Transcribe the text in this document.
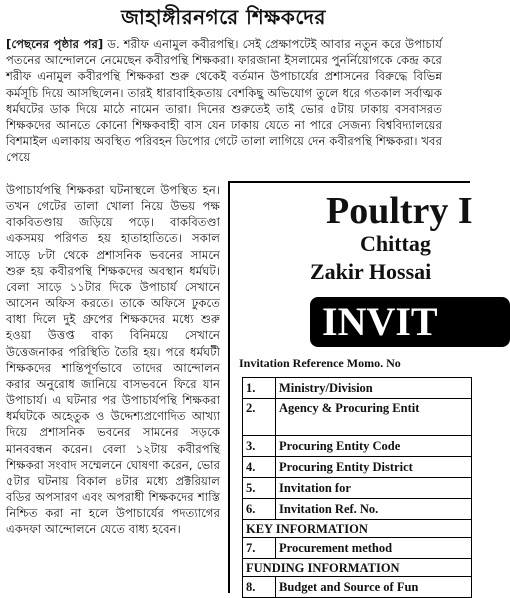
জাহাঙ্গীরনগরে শিক্ষকদের

[পেছনের পৃষ্ঠার পর] ড. শরীফ এনামুল কবীরপন্থি। সেই প্রেক্ষাপটেই আবার নতুন করে উপাচার্য পতনের আন্দোলনে নেমেছেন কবীরপন্থি শিক্ষকরা। ফারজানা ইসলামের পুনর্নিয়োগকে কেন্দ্র করে শরীফ এনামুল কবীরপন্থি শিক্ষকরা শুরু থেকেই বর্তমান উপাচার্যের প্রশাসনের বিরুদ্ধে বিভিন্ন কর্মসূচি দিয়ে আসছিলেন। তারই ধারাবাহিকতায় বেশকিছু অভিযোগ তুলে ধরে গতকাল সর্বাত্মক ধর্মঘটের ডাক দিয়ে মাঠে নামেন তারা। দিনের শুরুতেই তাই ভোর ৫টায় ঢাকায় বসবাসরত শিক্ষকদের আনতে কোনো শিক্ষকবাহী বাস যেন ঢাকায় যেতে না পারে সেজন্য বিশ্ববিদ্যালয়ের বিশমাইল এলাকায় অবস্থিত পরিবহন ডিপোর গেটে তালা লাগিয়ে দেন কবীরপন্থি শিক্ষকরা। খবর পেয়ে

উপাচার্যপন্থি শিক্ষকরা ঘটনাস্থলে উপস্থিত হন। তখন গেটের তালা খোলা নিয়ে উভয় পক্ষ বাকবিতণ্ডায় জড়িয়ে পড়ে। বাকবিতণ্ডা একসময় পরিণত হয় হাতাহাতিতে। সকাল সাড়ে ৮টা থেকে প্রশাসনিক ভবনের সামনে শুরু হয় কবীরপন্থি শিক্ষকদের অবস্থান ধর্মঘট। বেলা সাড়ে ১১টার দিকে উপাচার্য সেখানে আসেন অফিস করতে। তাকে অফিসে ঢুকতে বাধা দিলে দুই গ্রুপের শিক্ষকদের মধ্যে শুরু হওয়া উত্তপ্ত বাক্য বিনিময়ে সেখানে উত্তেজনাকর পরিস্থিতি তৈরি হয়। পরে ধর্মঘটী শিক্ষকদের শান্তিপূর্ণভাবে তাদের আন্দোলন করার অনুরোধ জানিয়ে বাসভবনে ফিরে যান উপাচার্য। এ ঘটনার পর উপাচার্যপন্থি শিক্ষকরা ধর্মঘটকে অহেতুক ও উদ্দেশ্যপ্রণোদিত আখ্যা দিয়ে প্রশাসনিক ভবনের সামনের সড়কে মানববন্ধন করেন। বেলা ১২টায় কবীরপন্থি শিক্ষকরা সংবাদ সম্মেলনে ঘোষণা করেন, ভোর ৫টার ঘটনায় বিকাল ৪টার মধ্যে প্রক্টরিয়াল বডির অপসারণ এবং অপরাধী শিক্ষকদের শাস্তি নিশ্চিত করা না হলে উপাচার্যের পদত্যাগের একদফা আন্দোলনে যেতে বাধ্য হবেন।

Poultry I
Chittag
Zakir Hossai
INVIT
Invitation Reference Momo. No
1.	Ministry/Division
2.	Agency & Procuring Entit
3.	Procuring Entity Code
4.	Procuring Entity District
5.	Invitation for
6.	Invitation Ref. No.
KEY INFORMATION	
7.	Procurement method
FUNDING INFORMATION	
8.	Budget and Source of Fun
